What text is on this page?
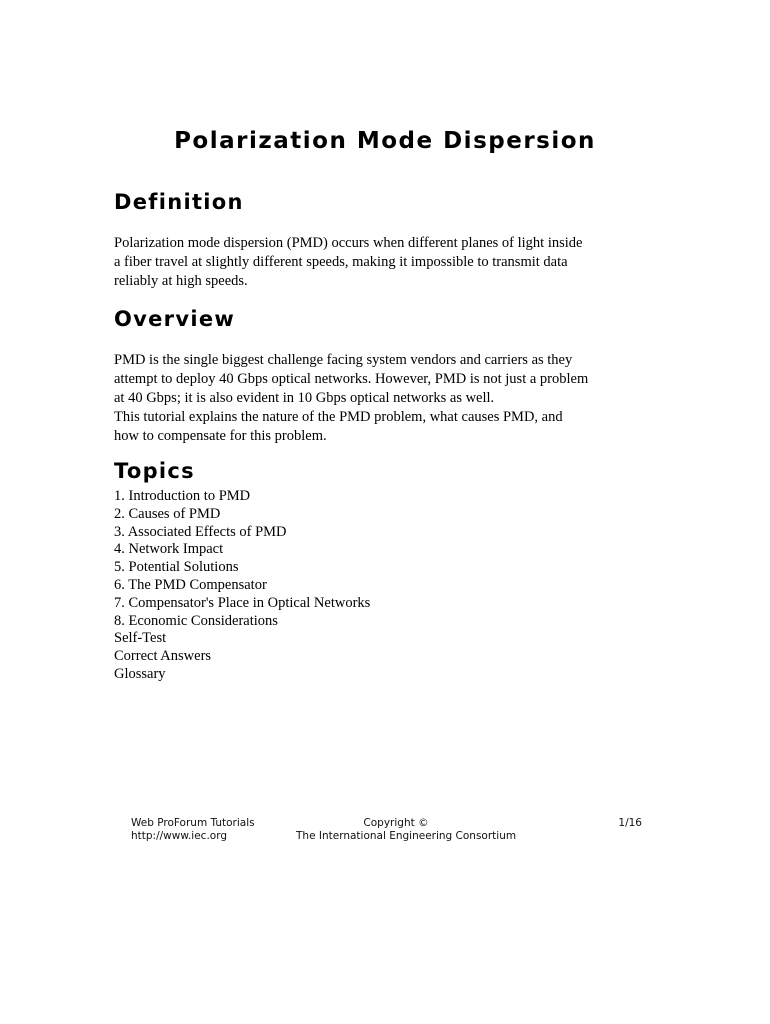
Polarization Mode Dispersion
Definition

Polarization mode dispersion (PMD) occurs when different planes of light inside
a fiber travel at slightly different speeds, making it impossible to transmit data
reliably at high speeds.

Overview

PMD is the single biggest challenge facing system vendors and carriers as they
attempt to deploy 40 Gbps optical networks. However, PMD is not just a problem
at 40 Gbps; it is also evident in 10 Gbps optical networks as well.
This tutorial explains the nature of the PMD problem, what causes PMD, and
how to compensate for this problem.

Topics
1. Introduction to PMD
2. Causes of PMD
3. Associated Effects of PMD
4. Network Impact
5. Potential Solutions
6. The PMD Compensator
7. Compensator's Place in Optical Networks
8. Economic Considerations
Self-Test
Correct Answers
Glossary
Web ProForum Tutorials
http://www.iec.org
Copyright ©
The International Engineering Consortium
1/16
